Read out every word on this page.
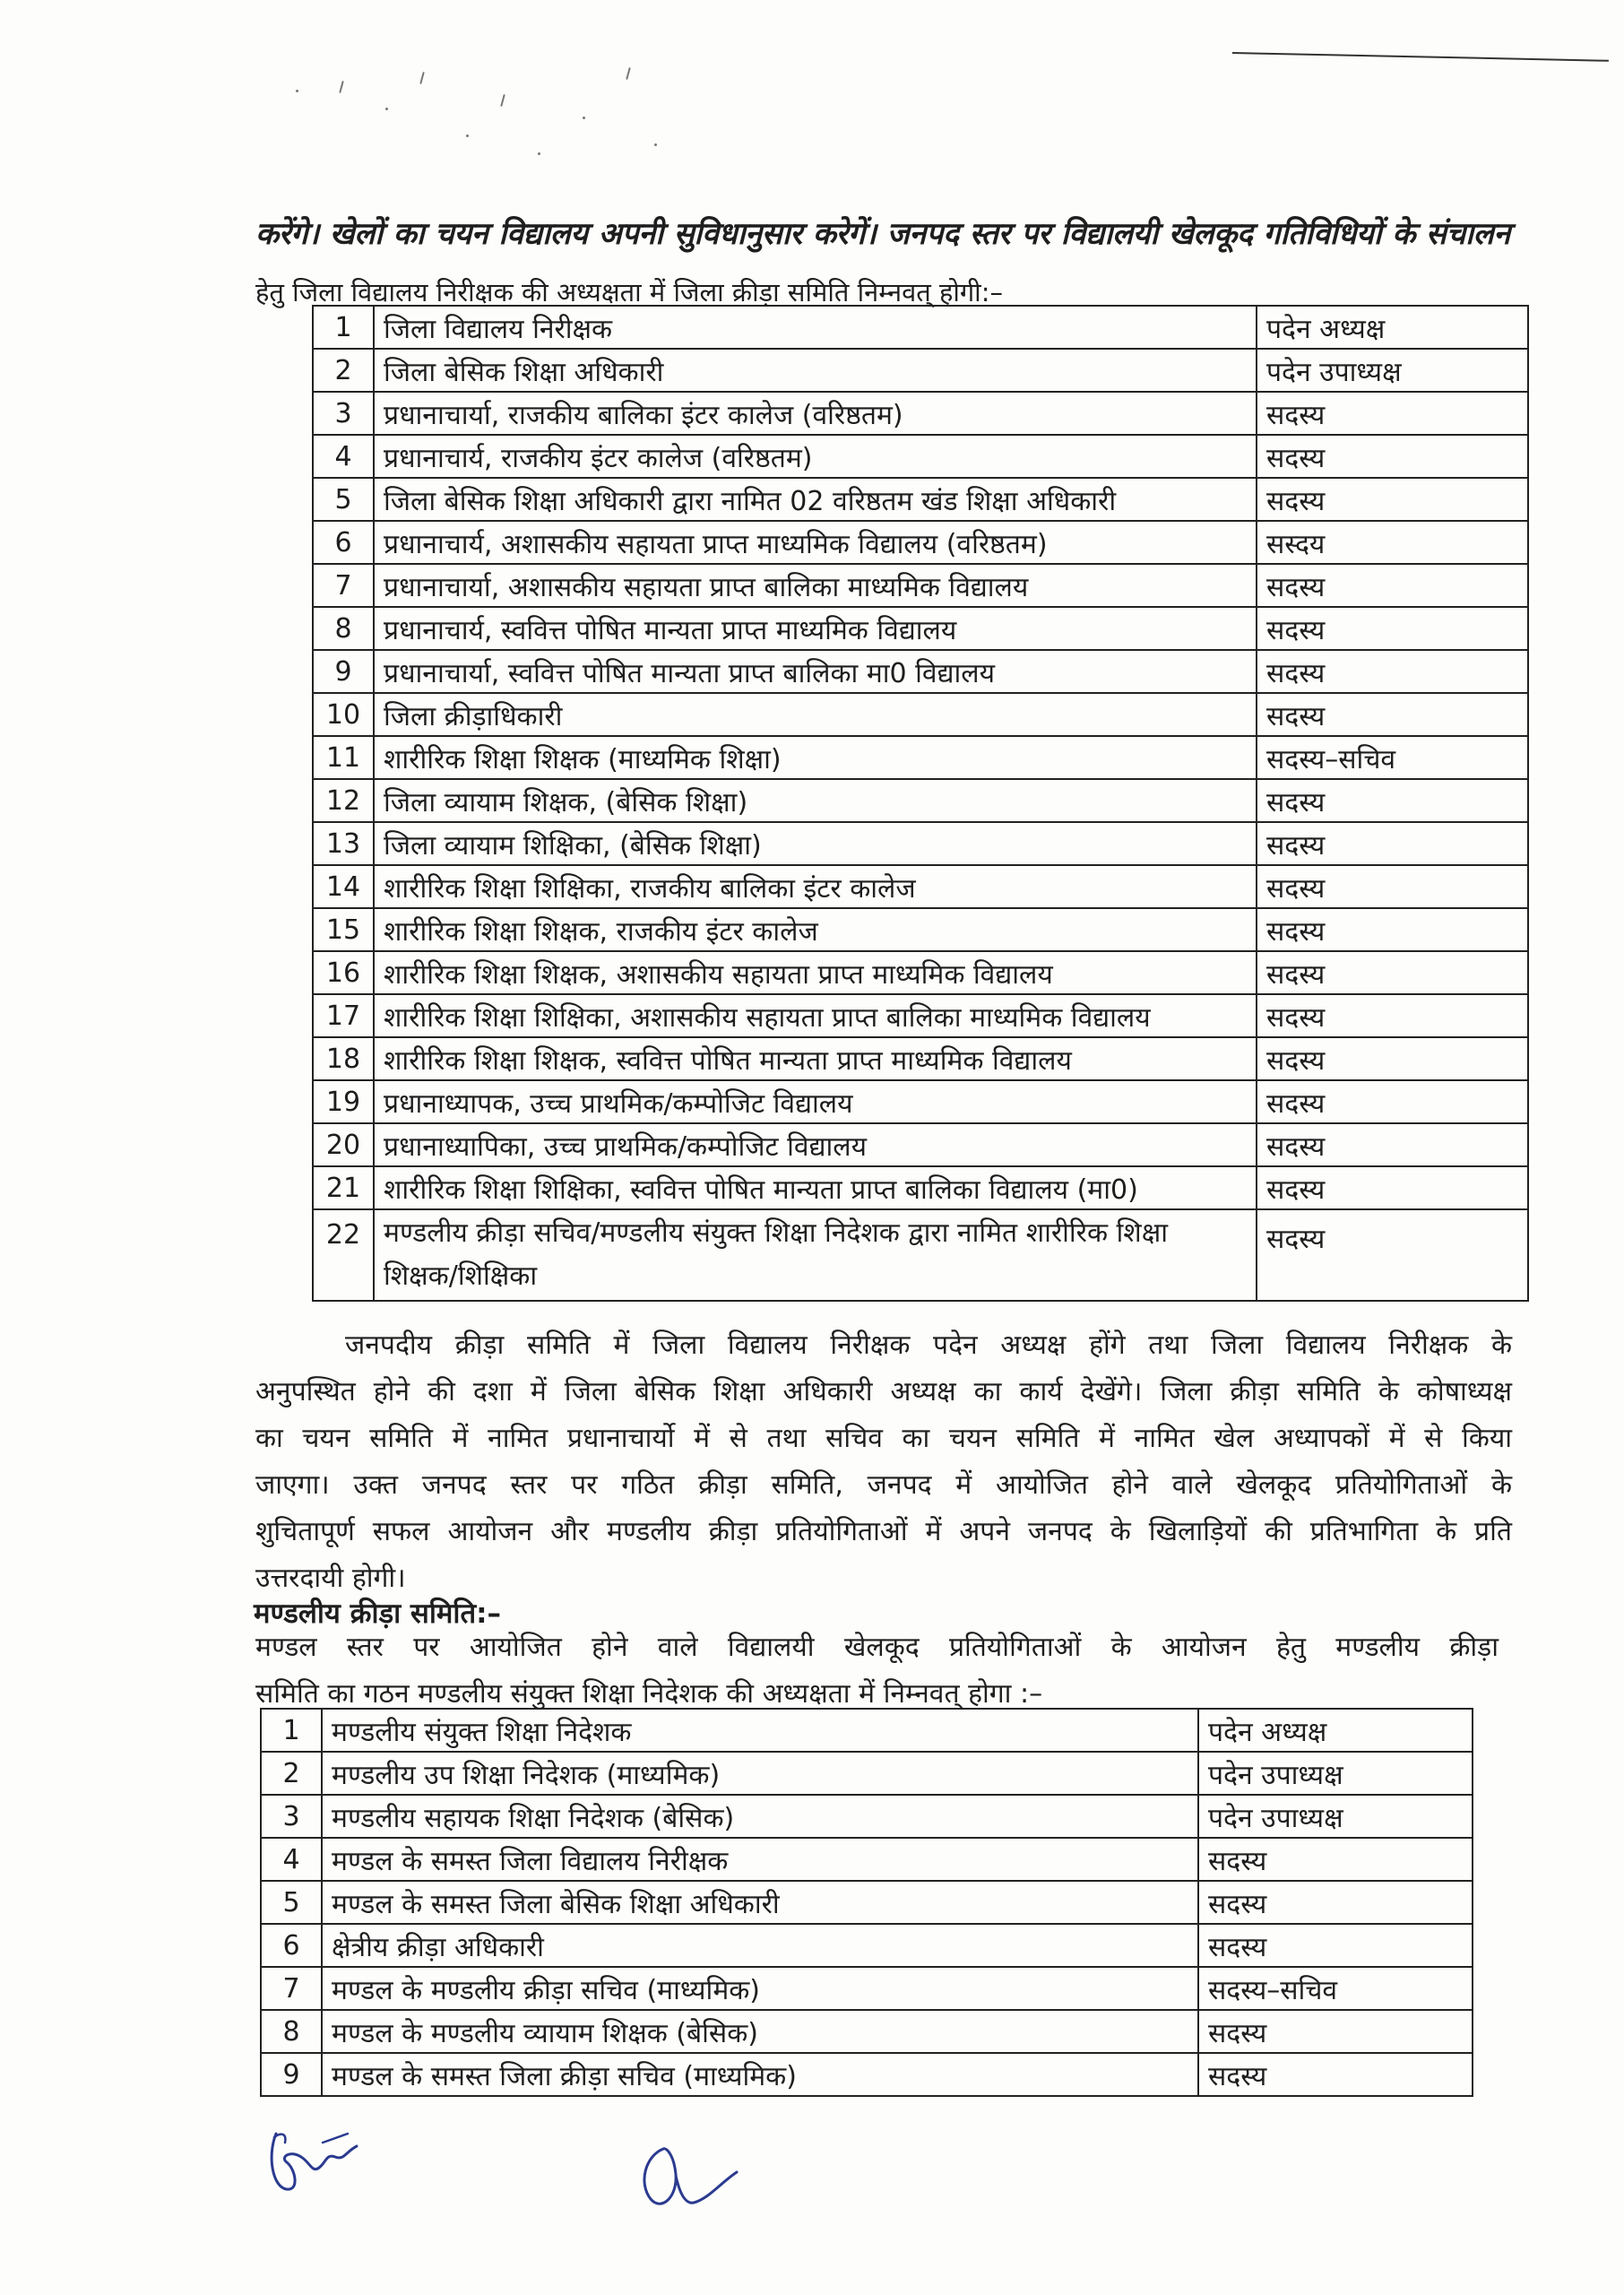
करेंगे। खेलों का चयन विद्यालय अपनी सुविधानुसार करेगें। जनपद स्तर पर विद्यालयी खेलकूद गतिविधियों के संचालन

हेतु जिला विद्यालय निरीक्षक की अध्यक्षता में जिला क्रीड़ा समिति निम्नवत् होगी:–

1	जिला विद्यालय निरीक्षक	पदेन अध्यक्ष
2	जिला बेसिक शिक्षा अधिकारी	पदेन उपाध्यक्ष
3	प्रधानाचार्या, राजकीय बालिका इंटर कालेज (वरिष्ठतम)	सदस्य
4	प्रधानाचार्य, राजकीय इंटर कालेज (वरिष्ठतम)	सदस्य
5	जिला बेसिक शिक्षा अधिकारी द्वारा नामित 02 वरिष्ठतम खंड शिक्षा अधिकारी	सदस्य
6	प्रधानाचार्य, अशासकीय सहायता प्राप्त माध्यमिक विद्यालय (वरिष्ठतम)	सस्दय
7	प्रधानाचार्या, अशासकीय सहायता प्राप्त बालिका माध्यमिक विद्यालय	सदस्य
8	प्रधानाचार्य, स्ववित्त पोषित मान्यता प्राप्त माध्यमिक विद्यालय	सदस्य
9	प्रधानाचार्या, स्ववित्त पोषित मान्यता प्राप्त बालिका मा0 विद्यालय	सदस्य
10	जिला क्रीड़ाधिकारी	सदस्य
11	शारीरिक शिक्षा शिक्षक (माध्यमिक शिक्षा)	सदस्य–सचिव
12	जिला व्यायाम शिक्षक, (बेसिक शिक्षा)	सदस्य
13	जिला व्यायाम शिक्षिका, (बेसिक शिक्षा)	सदस्य
14	शारीरिक शिक्षा शिक्षिका, राजकीय बालिका इंटर कालेज	सदस्य
15	शारीरिक शिक्षा शिक्षक, राजकीय इंटर कालेज	सदस्य
16	शारीरिक शिक्षा शिक्षक, अशासकीय सहायता प्राप्त माध्यमिक विद्यालय	सदस्य
17	शारीरिक शिक्षा शिक्षिका, अशासकीय सहायता प्राप्त बालिका माध्यमिक विद्यालय	सदस्य
18	शारीरिक शिक्षा शिक्षक, स्ववित्त पोषित मान्यता प्राप्त माध्यमिक विद्यालय	सदस्य
19	प्रधानाध्यापक, उच्च प्राथमिक/कम्पोजिट विद्यालय	सदस्य
20	प्रधानाध्यापिका, उच्च प्राथमिक/कम्पोजिट विद्यालय	सदस्य
21	शारीरिक शिक्षा शिक्षिका, स्ववित्त पोषित मान्यता प्राप्त बालिका विद्यालय (मा0)	सदस्य
22	मण्डलीय क्रीड़ा सचिव/मण्डलीय संयुक्त शिक्षा निदेशक द्वारा नामित शारीरिक शिक्षा शिक्षक/शिक्षिका	सदस्य
जनपदीय क्रीड़ा समिति में जिला विद्यालय निरीक्षक पदेन अध्यक्ष होंगे तथा जिला विद्यालय निरीक्षक के
अनुपस्थित होने की दशा में जिला बेसिक शिक्षा अधिकारी अध्यक्ष का कार्य देखेंगे। जिला क्रीड़ा समिति के कोषाध्यक्ष
का चयन समिति में नामित प्रधानाचार्यो में से तथा सचिव का चयन समिति में नामित खेल अध्यापकों में से किया
जाएगा। उक्त जनपद स्तर पर गठित क्रीड़ा समिति, जनपद में आयोजित होने वाले खेलकूद प्रतियोगिताओं के
शुचितापूर्ण सफल आयोजन और मण्डलीय क्रीड़ा प्रतियोगिताओं में अपने जनपद के खिलाड़ियों की प्रतिभागिता के प्रति
उत्तरदायी होगी।
मण्डलीय क्रीड़ा समिति:–
मण्डल स्तर पर आयोजित होने वाले विद्यालयी खेलकूद प्रतियोगिताओं के आयोजन हेतु मण्डलीय क्रीड़ा
समिति का गठन मण्डलीय संयुक्त शिक्षा निदेशक की अध्यक्षता में निम्नवत् होगा :–
1	मण्डलीय संयुक्त शिक्षा निदेशक	पदेन अध्यक्ष
2	मण्डलीय उप शिक्षा निदेशक (माध्यमिक)	पदेन उपाध्यक्ष
3	मण्डलीय सहायक शिक्षा निदेशक (बेसिक)	पदेन उपाध्यक्ष
4	मण्डल के समस्त जिला विद्यालय निरीक्षक	सदस्य
5	मण्डल के समस्त जिला बेसिक शिक्षा अधिकारी	सदस्य
6	क्षेत्रीय क्रीड़ा अधिकारी	सदस्य
7	मण्डल के मण्डलीय क्रीड़ा सचिव (माध्यमिक)	सदस्य–सचिव
8	मण्डल के मण्डलीय व्यायाम शिक्षक (बेसिक)	सदस्य
9	मण्डल के समस्त जिला क्रीड़ा सचिव (माध्यमिक)	सदस्य
